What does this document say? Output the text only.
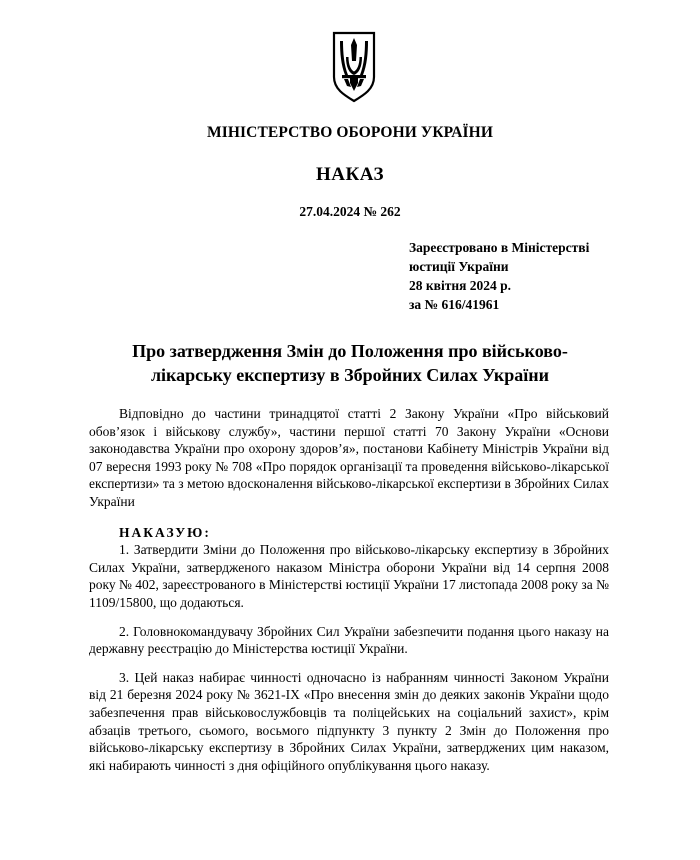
МІНІСТЕРСТВО ОБОРОНИ УКРАЇНИ
НАКАЗ
27.04.2024 № 262
Зареєстровано в Міністерстві
юстиції України
28 квітня 2024 р.
за № 616/41961
Про затвердження Змін до Положення про військово-
лікарську експертизу в Збройних Силах України

Відповідно до частини тринадцятої статті 2 Закону України «Про військовий обов’язок і військову службу», частини першої статті 70 Закону України «Основи законодавства України про охорону здоров’я», постанови Кабінету Міністрів України від 07 вересня 1993 року № 708 «Про порядок організації та проведення військово-лікарської експертизи» та з метою вдосконалення військово-лікарської експертизи в Збройних Силах України

НАКАЗУЮ:

1. Затвердити Зміни до Положення про військово-лікарську експертизу в Збройних Силах України, затвердженого наказом Міністра оборони України від 14 серпня 2008 року № 402, зареєстрованого в Міністерстві юстиції України 17 листопада 2008 року за № 1109/15800, що додаються.

2. Головнокомандувачу Збройних Сил України забезпечити подання цього наказу на державну реєстрацію до Міністерства юстиції України.

3. Цей наказ набирає чинності одночасно із набранням чинності Законом України від 21 березня 2024 року № 3621-IX «Про внесення змін до деяких законів України щодо забезпечення прав військовослужбовців та поліцейських на соціальний захист», крім абзаців третього, сьомого, восьмого підпункту 3 пункту 2 Змін до Положення про військово-лікарську експертизу в Збройних Силах України, затверджених цим наказом, які набирають чинності з дня офіційного опублікування цього наказу.
